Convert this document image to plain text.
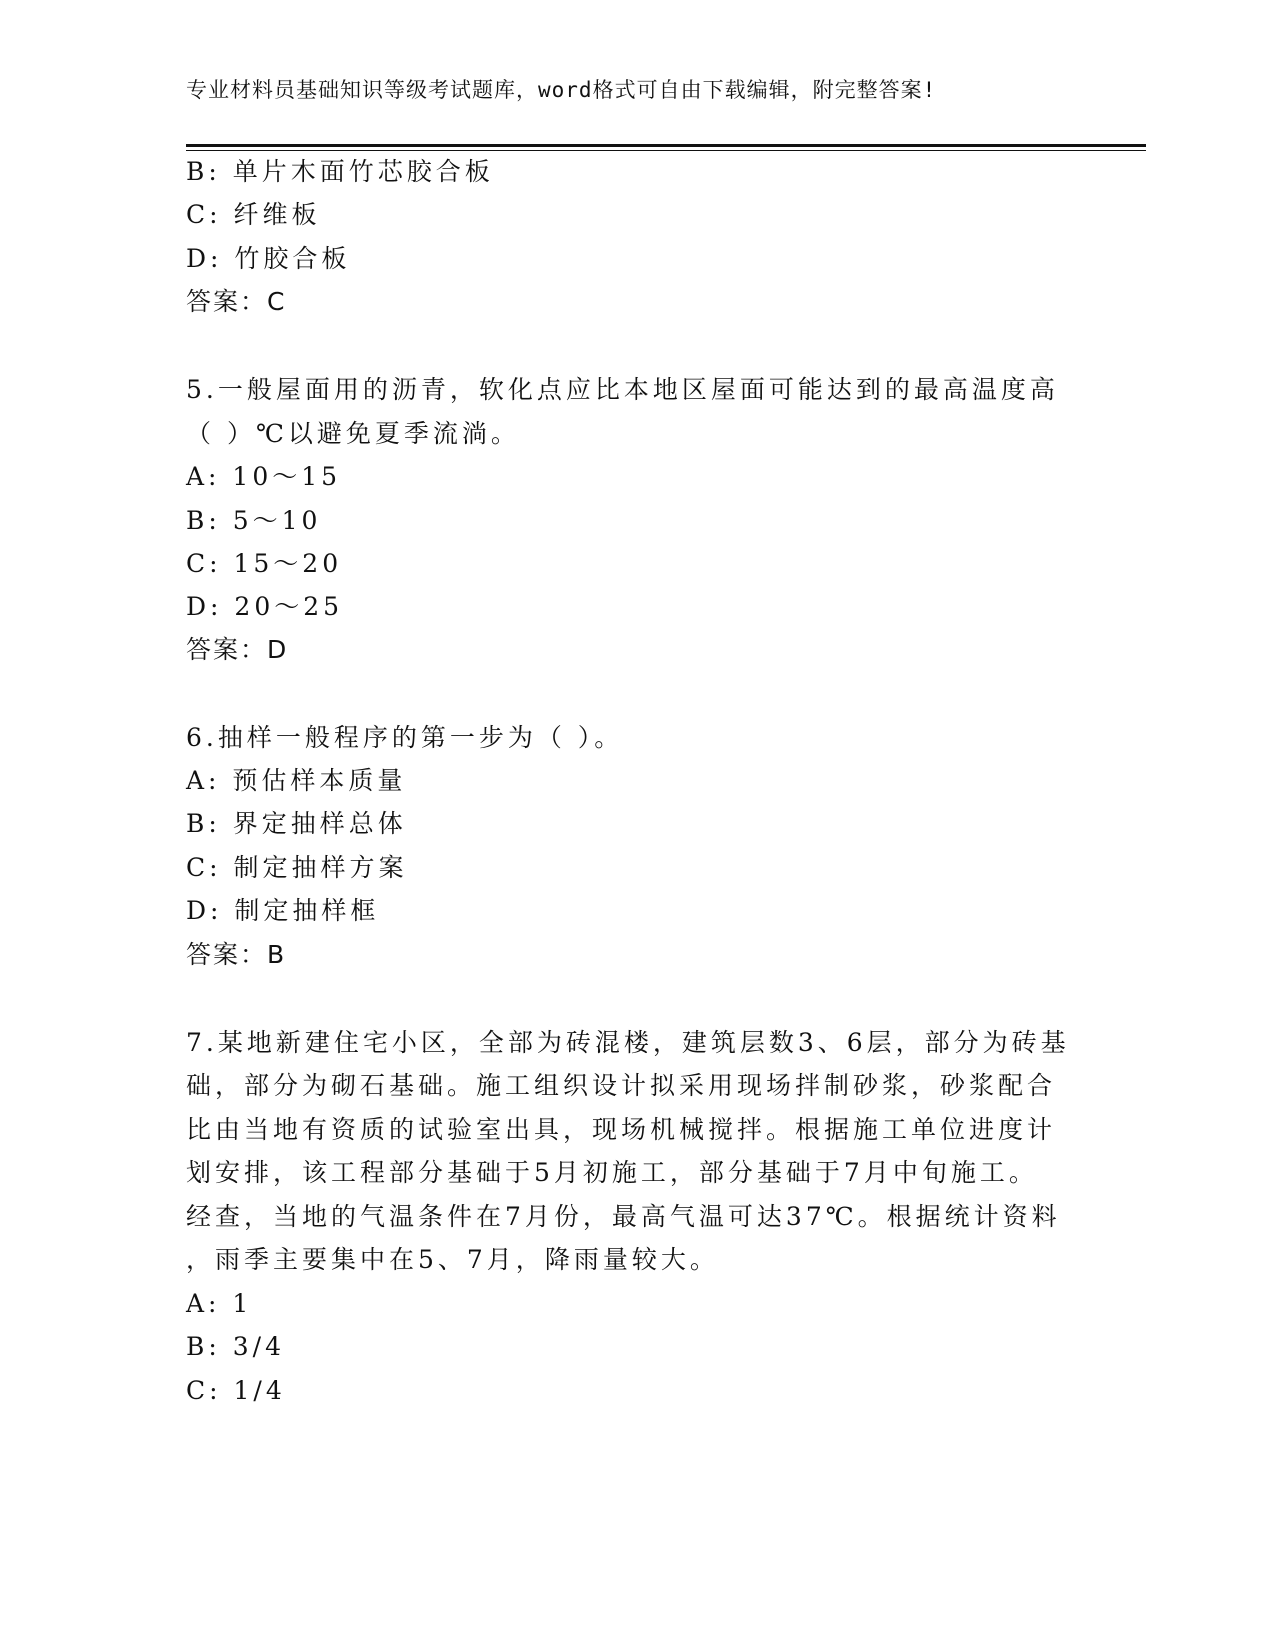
专业材料员基础知识等级考试题库，word格式可自由下载编辑，附完整答案!
B: 单片木面竹芯胶合板
C: 纤维板
D: 竹胶合板
答案：C
5.一般屋面用的沥青，软化点应比本地区屋面可能达到的最高温度高
（ ）℃以避免夏季流淌。
A: 10～15
B: 5～10
C: 15～20
D: 20～25
答案：D
6.抽样一般程序的第一步为（ ）。
A: 预估样本质量
B: 界定抽样总体
C: 制定抽样方案
D: 制定抽样框
答案：B
7.某地新建住宅小区，全部为砖混楼，建筑层数3、6层，部分为砖基
础，部分为砌石基础。施工组织设计拟采用现场拌制砂浆，砂浆配合
比由当地有资质的试验室出具，现场机械搅拌。根据施工单位进度计
划安排，该工程部分基础于5月初施工，部分基础于7月中旬施工。
经查，当地的气温条件在7月份，最高气温可达37℃。根据统计资料
，雨季主要集中在5、7月，降雨量较大。
A: 1
B: 3/4
C: 1/4
